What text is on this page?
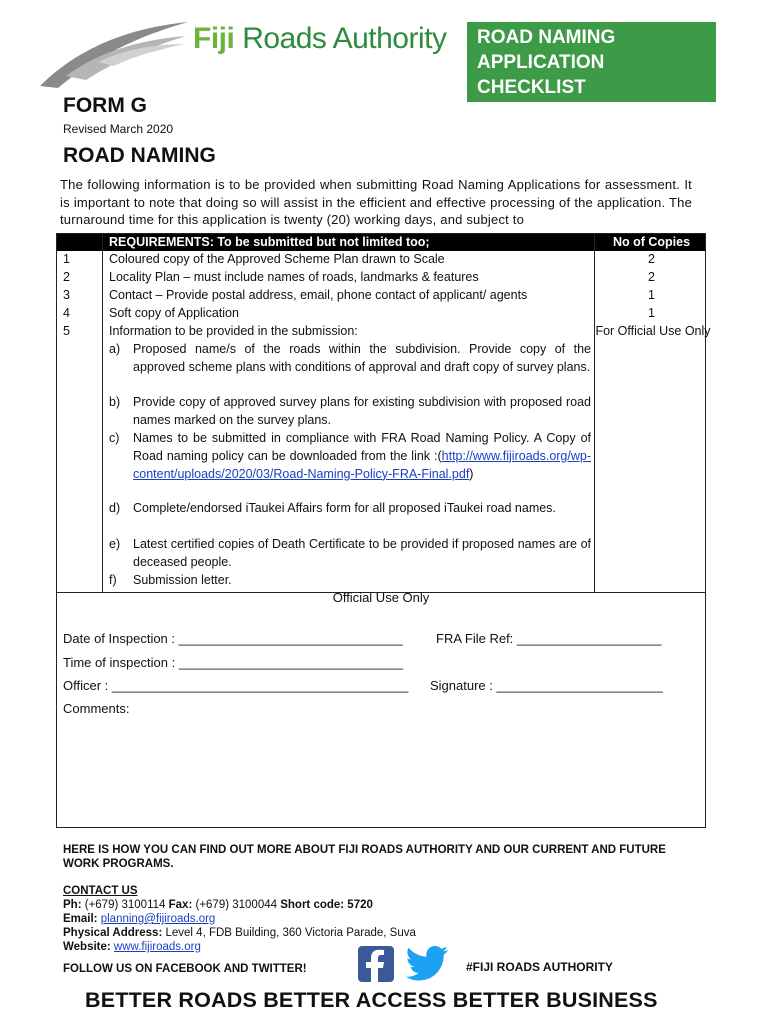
Fiji Roads Authority ROAD NAMING
APPLICATION
CHECKLIST
FORM G
Revised March 2020
ROAD NAMING
The following information is to be provided when submitting Road Naming Applications for assessment. It is important to note that doing so will assist in the efficient and effective processing of the application. The turnaround time for this application is twenty (20) working days, and subject to
REQUIREMENTS: To be submitted but not limited too;	No of Copies
1	Coloured copy of the Approved Scheme Plan drawn to Scale	2
2	Locality Plan – must include names of roads, landmarks & features	2
3	Contact – Provide postal address, email, phone contact of applicant/ agents	1
4	Soft copy of Application	1
5	Information to be provided in the submission:	For Official Use Only
a) Proposed name/s of the roads within the subdivision. Provide copy of the approved scheme plans with conditions of approval and draft copy of survey plans.
b) Provide copy of approved survey plans for existing subdivision with proposed road names marked on the survey plans.
c) Names to be submitted in compliance with FRA Road Naming Policy. A Copy of Road naming policy can be downloaded from the link :(http://www.fijiroads.org/wp-content/uploads/2020/03/Road-Naming-Policy-FRA-Final.pdf)
d) Complete/endorsed iTaukei Affairs form for all proposed iTaukei road names.
e) Latest certified copies of Death Certificate to be provided if proposed names are of deceased people.
f) Submission letter.
Official Use Only
Date of Inspection : _______________________________	FRA File Ref: ____________________
Time of inspection : _______________________________
Officer : _________________________________________ Signature : _______________________
Comments:
HERE IS HOW YOU CAN FIND OUT MORE ABOUT FIJI ROADS AUTHORITY AND OUR CURRENT AND FUTURE WORK PROGRAMS.
CONTACT US
Ph: (+679) 3100114 Fax: (+679) 3100044 Short code: 5720
Email: planning@fijiroads.org
Physical Address: Level 4, FDB Building, 360 Victoria Parade, Suva
Website: www.fijiroads.org
FOLLOW US ON FACEBOOK AND TWITTER!	#FIJI ROADS AUTHORITY
BETTER ROADS BETTER ACCESS BETTER BUSINESS
